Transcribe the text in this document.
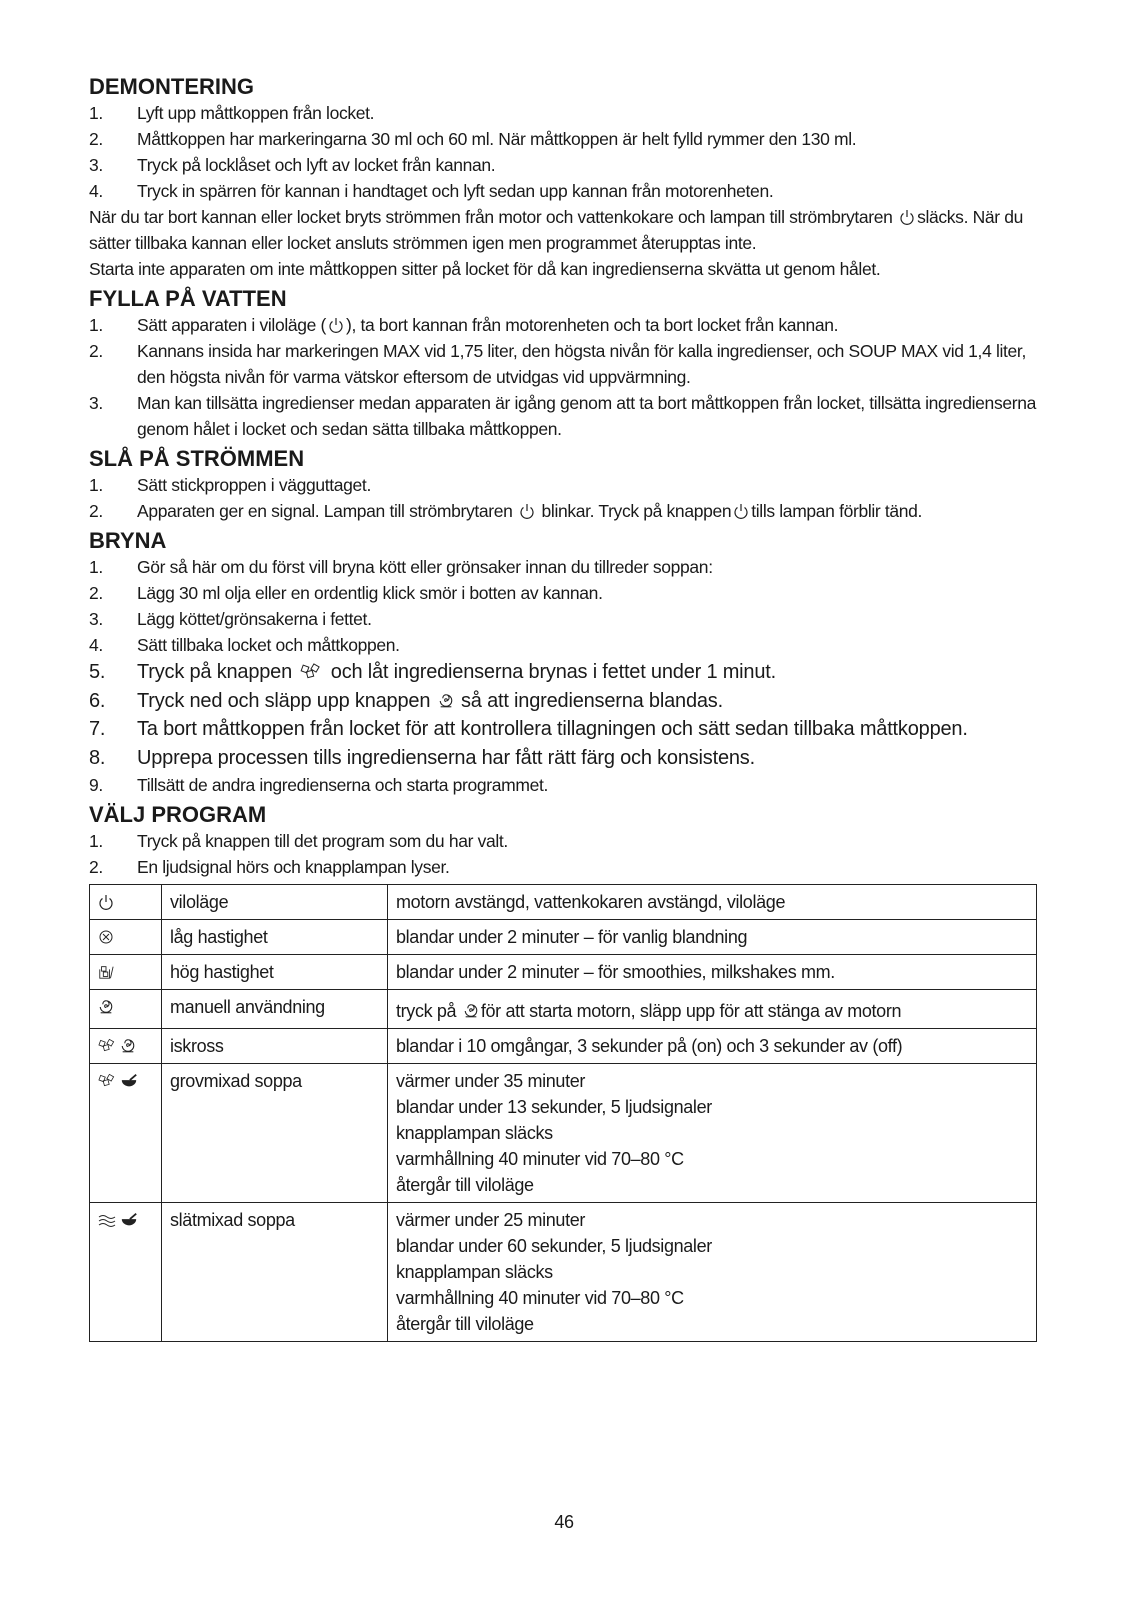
DEMONTERING
1.	Lyft upp måttkoppen från locket.
2.	Måttkoppen har markeringarna 30 ml och 60 ml. När måttkoppen är helt fylld rymmer den 130 ml.
3.	Tryck på locklåset och lyft av locket från kannan.
4.	Tryck in spärren för kannan i handtaget och lyft sedan upp kannan från motorenheten.

När du tar bort kannan eller locket bryts strömmen från motor och vattenkokare och lampan till strömbrytaren släcks. När du sätter tillbaka kannan eller locket ansluts strömmen igen men programmet återupptas inte.

Starta inte apparaten om inte måttkoppen sitter på locket för då kan ingredienserna skvätta ut genom hålet.

FYLLA PÅ VATTEN
1.	Sätt apparaten i viloläge ( ), ta bort kannan från motorenheten och ta bort locket från kannan.
2.	Kannans insida har markeringen MAX vid 1,75 liter, den högsta nivån för kalla ingredienser, och SOUP MAX vid 1,4 liter, den högsta nivån för varma vätskor eftersom de utvidgas vid uppvärmning.
3.	Man kan tillsätta ingredienser medan apparaten är igång genom att ta bort måttkoppen från locket, tillsätta ingredienserna genom hålet i locket och sedan sätta tillbaka måttkoppen.
SLÅ PÅ STRÖMMEN
1.	Sätt stickproppen i vägguttaget.
2.	Apparaten ger en signal. Lampan till strömbrytaren blinkar. Tryck på knappen tills lampan förblir tänd.
BRYNA
1.	Gör så här om du först vill bryna kött eller grönsaker innan du tillreder soppan:
2.	Lägg 30 ml olja eller en ordentlig klick smör i botten av kannan.
3.	Lägg köttet/grönsakerna i fettet.
4.	Sätt tillbaka locket och måttkoppen.
5.	Tryck på knappen och låt ingredienserna brynas i fettet under 1 minut.
6.	Tryck ned och släpp upp knappen så att ingredienserna blandas.
7.	Ta bort måttkoppen från locket för att kontrollera tillagningen och sätt sedan tillbaka måttkoppen.
8.	Upprepa processen tills ingredienserna har fått rätt färg och konsistens.
9.	Tillsätt de andra ingredienserna och starta programmet.
VÄLJ PROGRAM
1.	Tryck på knappen till det program som du har valt.
2.	En ljudsignal hörs och knapplampan lyser.
	viloläge	motorn avstängd, vattenkokaren avstängd, viloläge
	låg hastighet	blandar under 2 minuter – för vanlig blandning
	hög hastighet	blandar under 2 minuter – för smoothies, milkshakes mm.
	manuell användning	tryck på för att starta motorn, släpp upp för att stänga av motorn
	iskross	blandar i 10 omgångar, 3 sekunder på (on) och 3 sekunder av (off)
	grovmixad soppa	värmer under 35 minuter
blandar under 13 sekunder, 5 ljudsignaler
knapplampan släcks
varmhållning 40 minuter vid 70–80 °C
återgår till viloläge

	slätmixad soppa	värmer under 25 minuter
blandar under 60 sekunder, 5 ljudsignaler
knapplampan släcks
varmhållning 40 minuter vid 70–80 °C
återgår till viloläge
46
